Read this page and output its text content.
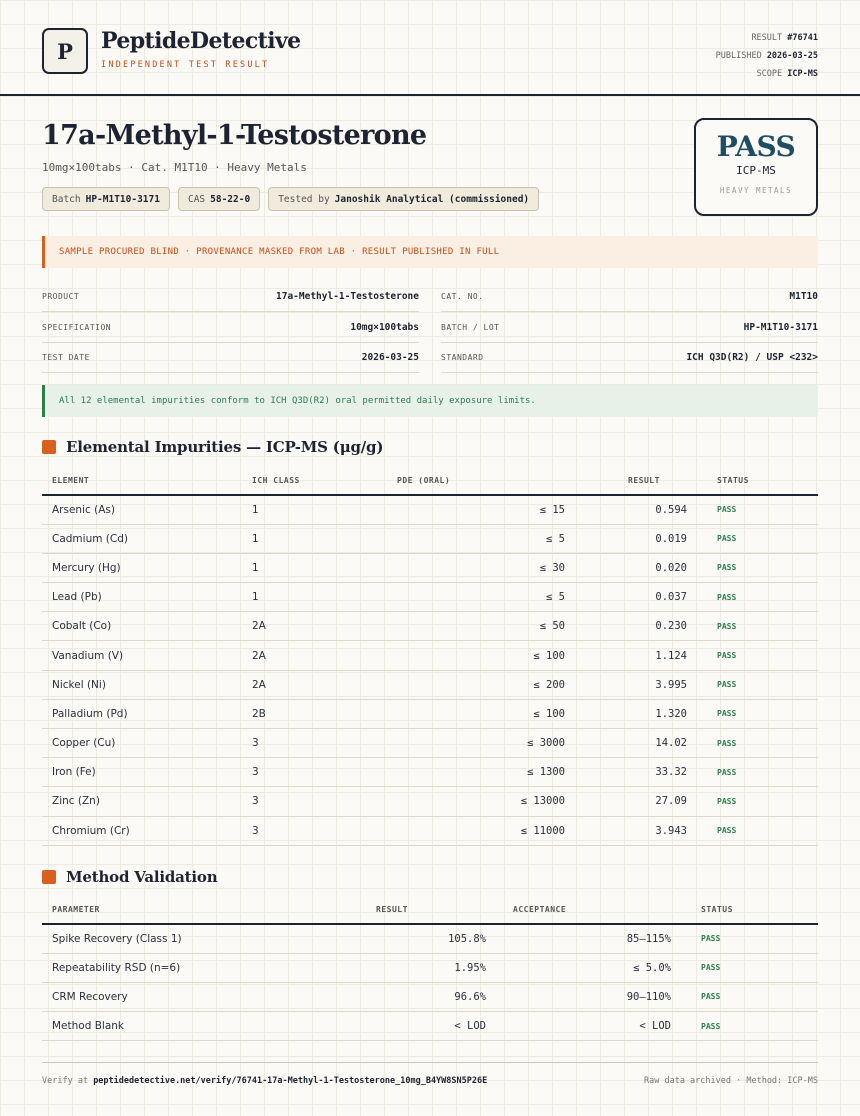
P PeptideDetective
INDEPENDENT TEST RESULT
RESULT #76741
PUBLISHED 2026-03-25
SCOPE ICP-MS
17a-Methyl-1-Testosterone
10mg×100tabs · Cat. M1T10 · Heavy Metals
Batch HP-M1T10-3171	CAS 58-22-0	Tested by Janoshik Analytical (commissioned)
PASS
ICP-MS
HEAVY METALS
SAMPLE PROCURED BLIND · PROVENANCE MASKED FROM LAB · RESULT PUBLISHED IN FULL
PRODUCT	17a-Methyl-1-Testosterone
SPECIFICATION	10mg×100tabs
TEST DATE	2026-03-25
CAT. NO.	M1T10
BATCH / LOT	HP-M1T10-3171
STANDARD	ICH Q3D(R2) / USP <232>
All 12 elemental impurities conform to ICH Q3D(R2) oral permitted daily exposure limits.
Elemental Impurities — ICP-MS (μg/g)
ELEMENT	ICH CLASS	PDE (ORAL)	RESULT	STATUS
Arsenic (As)	1	≤ 15	0.594	PASS
Cadmium (Cd)	1	≤ 5	0.019	PASS
Mercury (Hg)	1	≤ 30	0.020	PASS
Lead (Pb)	1	≤ 5	0.037	PASS
Cobalt (Co)	2A	≤ 50	0.230	PASS
Vanadium (V)	2A	≤ 100	1.124	PASS
Nickel (Ni)	2A	≤ 200	3.995	PASS
Palladium (Pd)	2B	≤ 100	1.320	PASS
Copper (Cu)	3	≤ 3000	14.02	PASS
Iron (Fe)	3	≤ 1300	33.32	PASS
Zinc (Zn)	3	≤ 13000	27.09	PASS
Chromium (Cr)	3	≤ 11000	3.943	PASS
Method Validation
PARAMETER	RESULT	ACCEPTANCE	STATUS
Spike Recovery (Class 1)	105.8%	85–115%	PASS
Repeatability RSD (n=6)	1.95%	≤ 5.0%	PASS
CRM Recovery	96.6%	90–110%	PASS
Method Blank	< LOD	< LOD	PASS
Verify at peptidedetective.net/verify/76741-17a-Methyl-1-Testosterone_10mg_B4YW8SN5P26E	Raw data archived · Method: ICP-MS
